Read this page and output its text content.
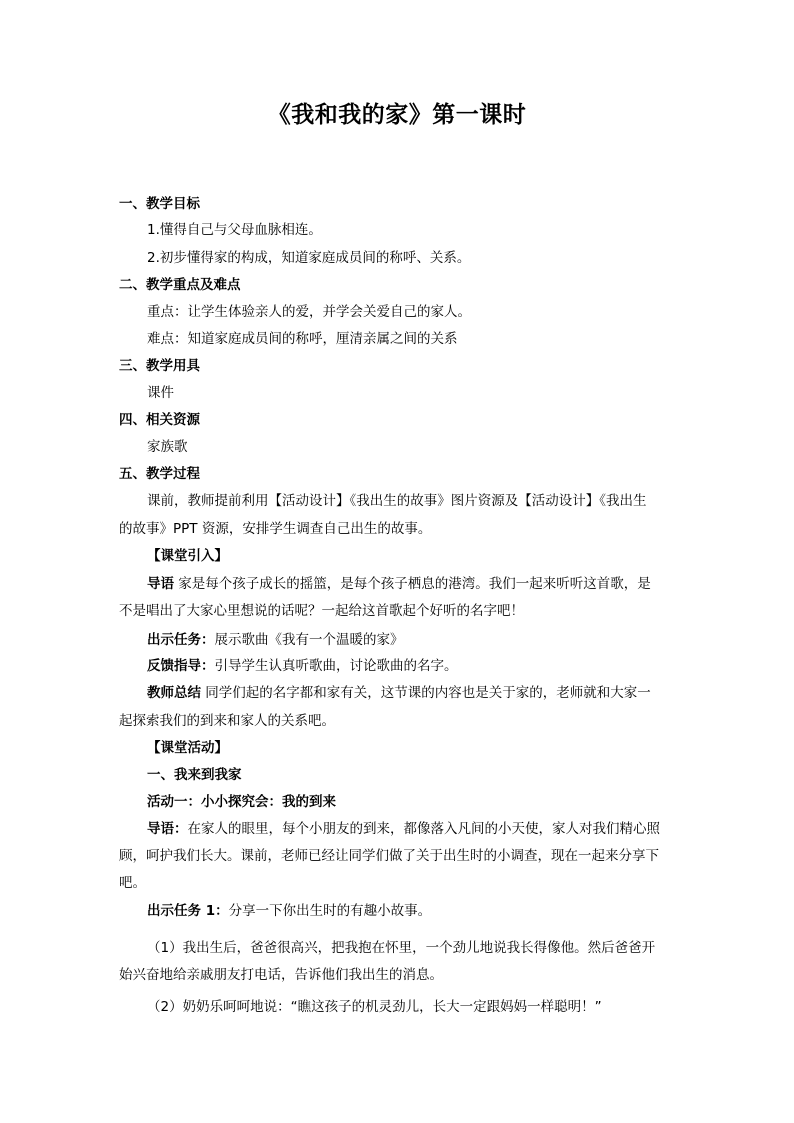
《我和我的家》第一课时
一、教学目标
1.懂得自己与父母血脉相连。
2.初步懂得家的构成，知道家庭成员间的称呼、关系。
二、教学重点及难点
重点：让学生体验亲人的爱，并学会关爱自己的家人。
难点：知道家庭成员间的称呼，厘清亲属之间的关系
三、教学用具
课件
四、相关资源
家族歌
五、教学过程
课前，教师提前利用【活动设计】《我出生的故事》图片资源及【活动设计】《我出生
的故事》PPT 资源，安排学生调查自己出生的故事。
【课堂引入】
导语 家是每个孩子成长的摇篮，是每个孩子栖息的港湾。我们一起来听听这首歌，是
不是唱出了大家心里想说的话呢？一起给这首歌起个好听的名字吧！
出示任务：展示歌曲《我有一个温暖的家》
反馈指导：引导学生认真听歌曲，讨论歌曲的名字。
教师总结 同学们起的名字都和家有关，这节课的内容也是关于家的，老师就和大家一
起探索我们的到来和家人的关系吧。
【课堂活动】
一、我来到我家
活动一：小小探究会：我的到来
导语：在家人的眼里，每个小朋友的到来，都像落入凡间的小天使，家人对我们精心照
顾，呵护我们长大。课前，老师已经让同学们做了关于出生时的小调查，现在一起来分享下
吧。
出示任务 1：分享一下你出生时的有趣小故事。
（1）我出生后，爸爸很高兴，把我抱在怀里，一个劲儿地说我长得像他。然后爸爸开
始兴奋地给亲戚朋友打电话，告诉他们我出生的消息。
（2）奶奶乐呵呵地说：“瞧这孩子的机灵劲儿，长大一定跟妈妈一样聪明！”
